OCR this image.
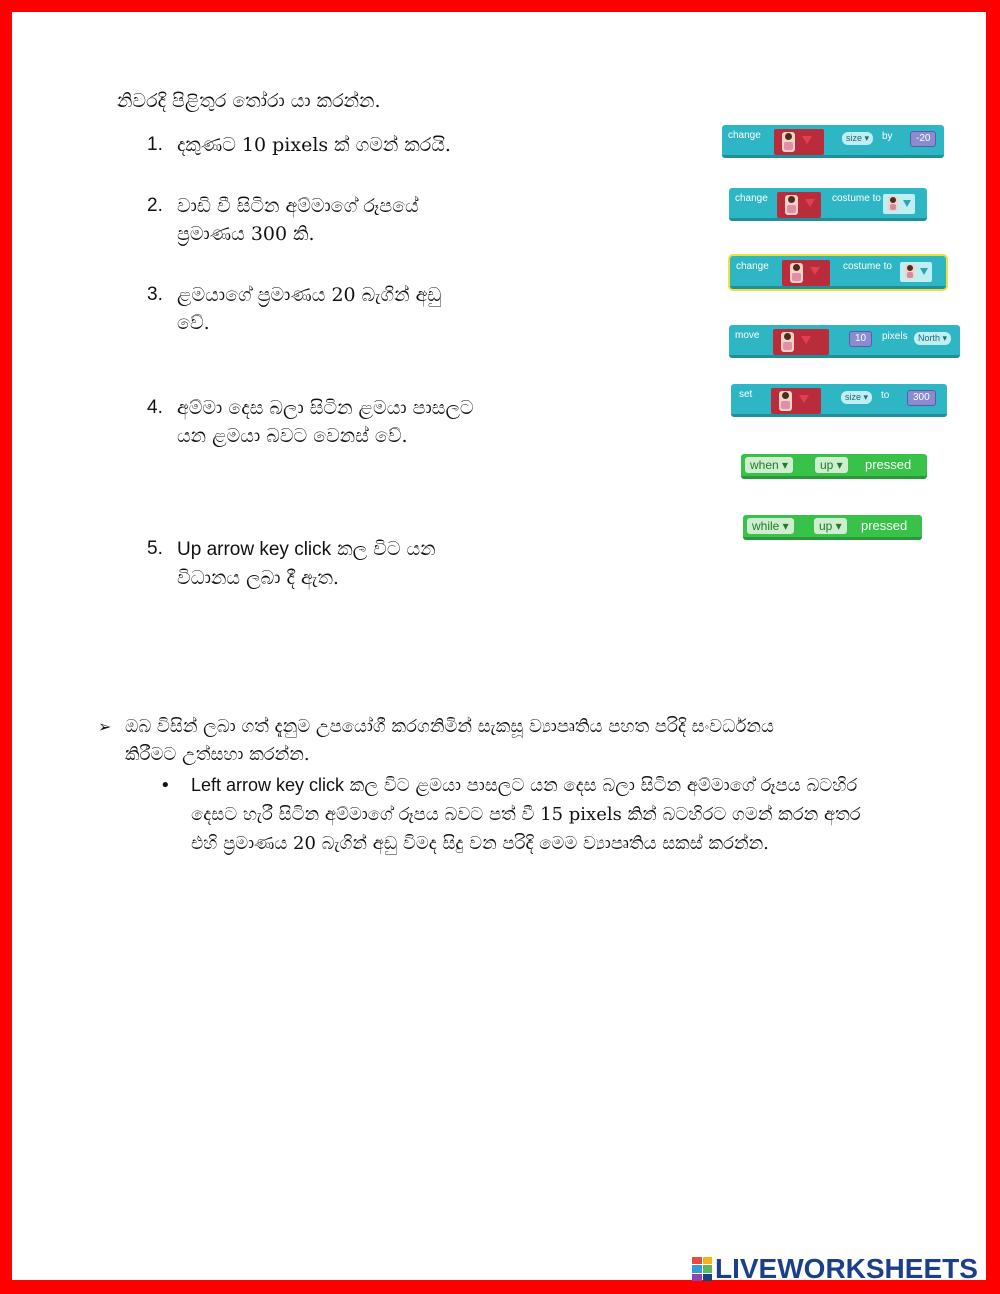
නිවරදි පිළිතුර තෝරා යා කරන්න.
1. දකුණට 10 pixels ක් ගමන් කරයි.
2. වාඩි වී සිටින අම්මාගේ රූපයේ ප්‍රමාණය 300 කි.
3. ළමයාගේ ප්‍රමාණය 20 බැගින් අඩු වේ.
4. අම්මා දෙස බලා සිටින ළමයා පාසලට යන ළමයා බවට වෙනස් වේ.
5. Up arrow key click කල විට යන විධානය ලබා දී ඇත.
change	size ▾	by	-20
change	costume to
change	costume to
move	10	pixels	North ▾
set	size ▾	to	300
when ▾	up ▾	pressed
while ▾	up ▾	pressed
➢ ඔබ විසින් ලබා ගත් දැනුම උපයෝගී කරගනිමින් සැකසූ ව්‍යාපෘතිය පහත පරිදි සංවර්ධනය කිරීමට උත්සහා කරන්න.
• Left arrow key click කල විට ළමයා පාසලට යන දෙස බලා සිටින අම්මාගේ රූපය බටහිර දෙසට හැරී සිටින අම්මාගේ රූපය බවට පත් වී 15 pixels කින් බටහිරට ගමන් කරන අතර එහි ප්‍රමාණය 20 බැගින් අඩු විමද සිදු වන පරිදි මෙම ව්‍යාපෘතිය සකස් කරන්න.
LIVEWORKSHEETS
